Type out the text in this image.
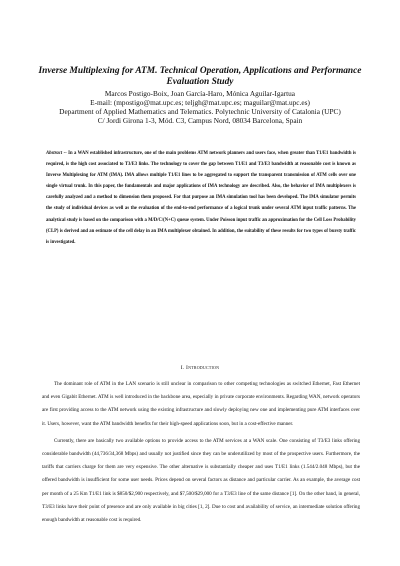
Inverse Multiplexing for ATM. Technical Operation, Applications and Performance Evaluation Study
Marcos Postigo-Boix, Joan García-Haro, Mónica Aguilar-Igartua
E-mail: (mpostigo@mat.upc.es; teljgh@mat.upc.es; maguilar@mat.upc.es)
Department of Applied Mathematics and Telematics. Polytechnic University of Catalonia (UPC)
C/ Jordi Girona 1-3, Mód. C3, Campus Nord, 08034 Barcelona, Spain

Abstract -- In a WAN established infrastructure, one of the main problems ATM network planners and users face, when greater than T1/E1 bandwidth is required, is the high cost associated to T3/E3 links. The technology to cover the gap between T1/E1 and T3/E3 bandwidth at reasonable cost is known as Inverse Multiplexing for ATM (IMA). IMA allows multiple T1/E1 lines to be aggregated to support the transparent transmission of ATM cells over one single virtual trunk. In this paper, the fundamentals and major applications of IMA technology are described. Also, the behavior of IMA multiplexers is carefully analyzed and a method to dimension them proposed. For that purpose an IMA simulation tool has been developed. The IMA simulator permits the study of individual devices as well as the evaluation of the end-to-end performance of a logical trunk under several ATM input traffic patterns. The analytical study is based on the comparison with a M/D/C/(N+C) queue system. Under Poisson input traffic an approximation for the Cell Loss Probability (CLP) is derived and an estimate of the cell delay in an IMA multiplexer obtained. In addition, the suitability of these results for two types of bursty traffic is investigated.

I. Introduction

The dominant role of ATM in the LAN scenario is still unclear in comparison to other competing technologies as switched Ethernet, Fast Ethernet and even Gigabit Ethernet. ATM is well introduced in the backbone area, especially in private corporate environments. Regarding WAN, network operators are first providing access to the ATM network using the existing infrastructure and slowly deploying new one and implementing pure ATM interfaces over it. Users, however, want the ATM bandwidth benefits for their high-speed applications soon, but in a cost-effective manner.

Currently, there are basically two available options to provide access to the ATM services at a WAN scale. One consisting of T3/E3 links offering considerable bandwidth (44,736/34,368 Mbps) and usually not justified since they can be underutilized by most of the prospective users. Furthermore, the tariffs that carriers charge for them are very expensive. The other alternative is substantially cheaper and uses T1/E1 links (1.544/2.048 Mbps), but the offered bandwidth is insufficient for some user needs. Prices depend on several factors as distance and particular carrier. As an example, the average cost per month of a 25 Km T1/E1 link is $850/$2,900 respectively, and $7,500/$29,000 for a T3/E3 line of the same distance [1]. On the other hand, in general, T3/E3 links have their point of presence and are only available in big cities [1, 2]. Due to cost and availability of service, an intermediate solution offering enough bandwidth at reasonable cost is required.
